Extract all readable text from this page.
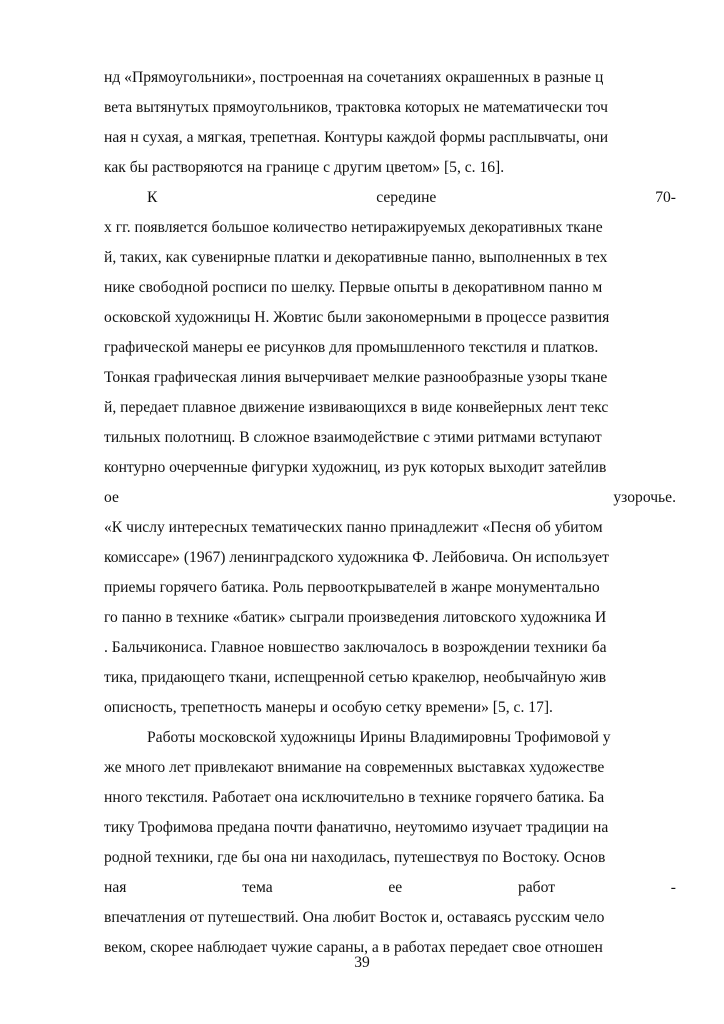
нд «Прямоугольники», построенная на сочетаниях окрашенных в разные ц
вета вытянутых прямоугольников, трактовка которых не математически точ
ная н сухая, а мягкая, трепетная. Контуры каждой формы расплывчаты, они
как бы растворяются на границе с другим цветом» [5, с. 16].
К	середине	70-
х гг. появляется большое количество нетиражируемых декоративных ткане
й, таких, как сувенирные платки и декоративные панно, выполненных в тех
нике свободной росписи по шелку. Первые опыты в декоративном панно м
осковской художницы Н. Жовтис были закономерными в процессе развития
графической манеры ее рисунков для промышленного текстиля и платков.
Тонкая графическая линия вычерчивает мелкие разнообразные узоры ткане
й, передает плавное движение извивающихся в виде конвейерных лент текс
тильных полотнищ. В сложное взаимодействие с этими ритмами вступают
контурно очерченные фигурки художниц, из рук которых выходит затейлив
ое	узорочье.
«К числу интересных тематических панно принадлежит «Песня об убитом
комиссаре» (1967) ленинградского художника Ф. Лейбовича. Он использует
приемы горячего батика. Роль первооткрывателей в жанре монументально
го панно в технике «батик» сыграли произведения литовского художника И
. Бальчикониса. Главное новшество заключалось в возрождении техники ба
тика, придающего ткани, испещренной сетью кракелюр, необычайную жив
описность, трепетность манеры и особую сетку времени» [5, с. 17].
Работы московской художницы Ирины Владимировны Трофимовой у
же много лет привлекают внимание на современных выставках художестве
нного текстиля. Работает она исключительно в технике горячего батика. Ба
тику Трофимова предана почти фанатично, неутомимо изучает традиции на
родной техники, где бы она ни находилась, путешествуя по Востоку. Основ
ная	тема	ее	работ	-
впечатления от путешествий. Она любит Восток и, оставаясь русским чело
веком, скорее наблюдает чужие сараны, а в работах передает свое отношен
39
